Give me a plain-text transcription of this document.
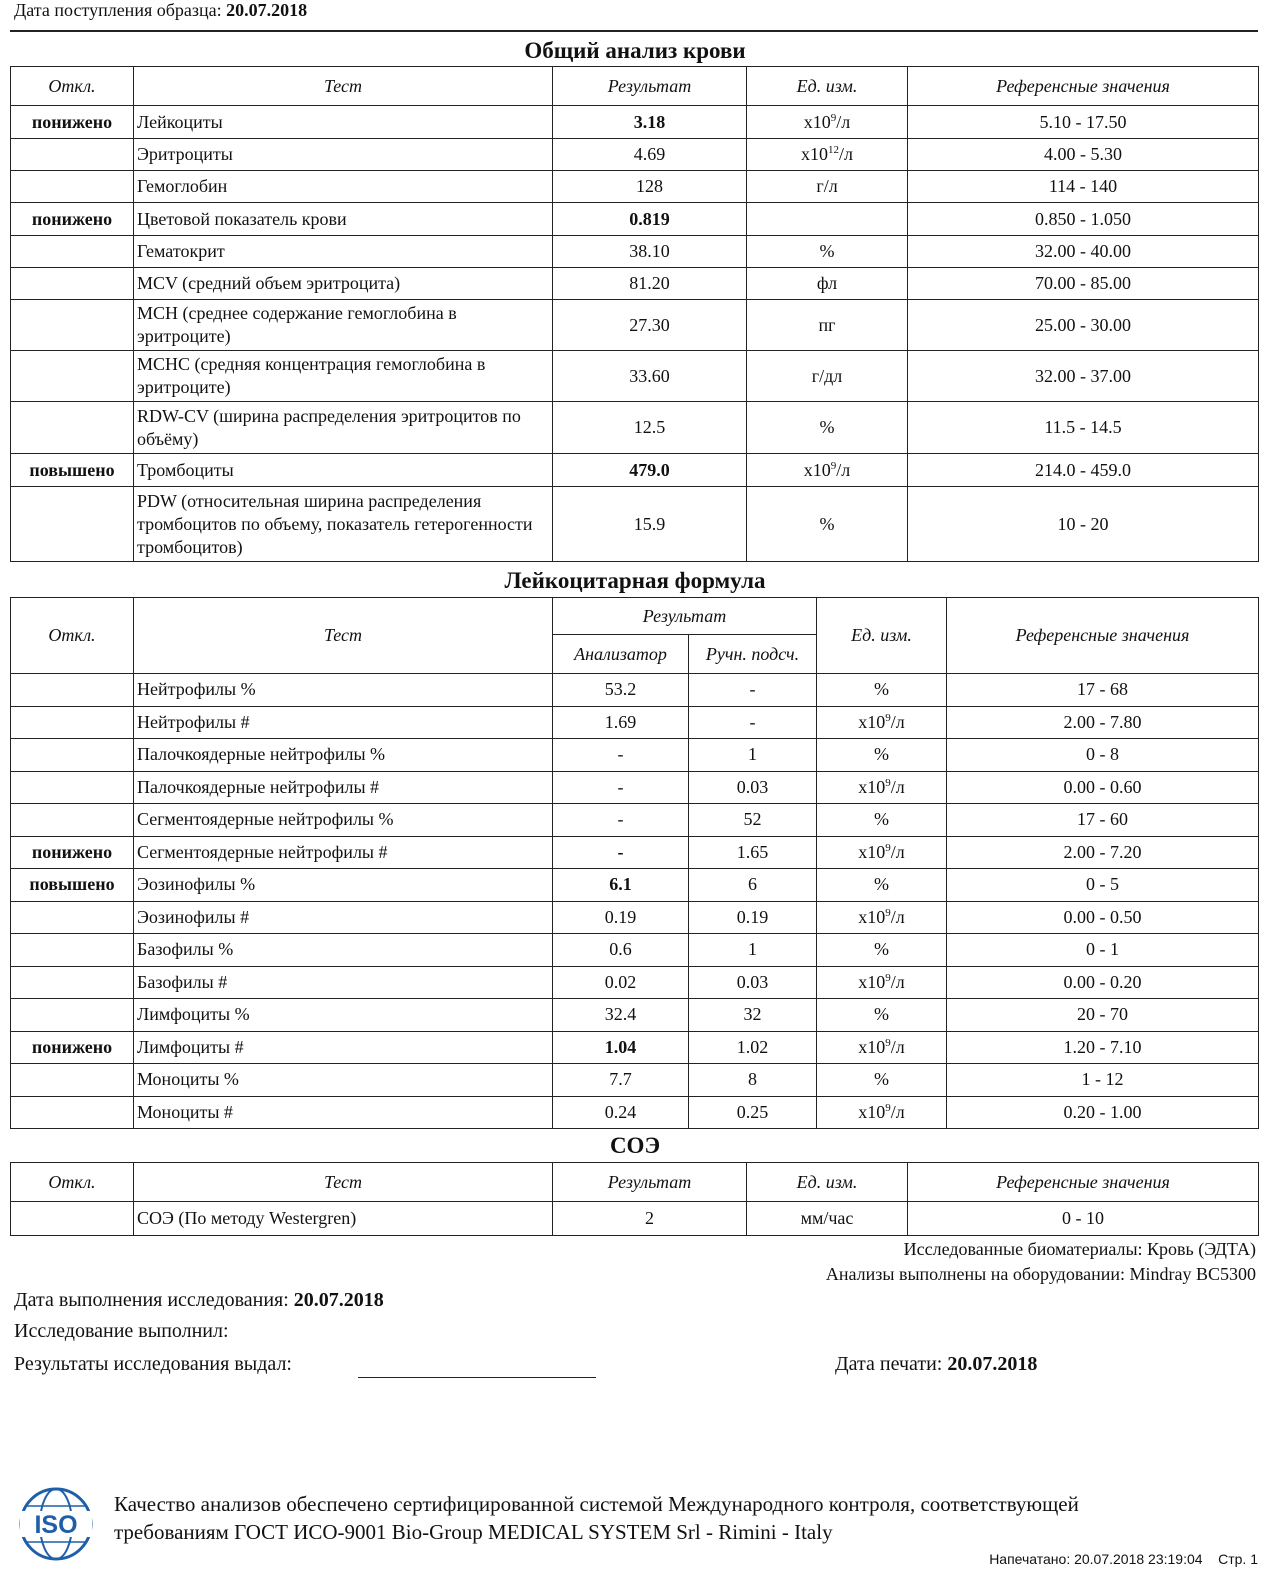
Дата поступления образца: 20.07.2018
Общий анализ крови
Откл.	Тест	Результат	Ед. изм.	Референсные значения
понижено	Лейкоциты	3.18	$х10^9/л$	5.10 - 17.50
	Эритроциты	4.69	$х10^{12}/л$	4.00 - 5.30
	Гемоглобин	128	г/л	114 - 140
понижено	Цветовой показатель крови	0.819		0.850 - 1.050
	Гематокрит	38.10	%	32.00 - 40.00
	MCV (средний объем эритроцита)	81.20	фл	70.00 - 85.00
	MCH (среднее содержание гемоглобина в эритроците)	27.30	пг	25.00 - 30.00
	MCHC (средняя концентрация гемоглобина в эритроците)	33.60	г/дл	32.00 - 37.00
	RDW-CV (ширина распределения эритроцитов по объёму)	12.5	%	11.5 - 14.5
повышено	Тромбоциты	479.0	$х10^9/л$	214.0 - 459.0
	PDW (относительная ширина распределения тромбоцитов по объему, показатель гетерогенности тромбоцитов)	15.9	%	10 - 20
Лейкоцитарная формула
Откл.	Тест	Результат		Ед. изм.	Референсные значения
		Анализатор	Ручн. подсч.		
	Нейтрофилы %	53.2	-	%	17 - 68
	Нейтрофилы #	1.69	-	$х10^9/л$	2.00 - 7.80
	Палочкоядерные нейтрофилы %	-	1	%	0 - 8
	Палочкоядерные нейтрофилы #	-	0.03	$х10^9/л$	0.00 - 0.60
	Сегментоядерные нейтрофилы %	-	52	%	17 - 60
понижено	Сегментоядерные нейтрофилы #	-	1.65	$х10^9/л$	2.00 - 7.20
повышено	Эозинофилы %	6.1	6	%	0 - 5
	Эозинофилы #	0.19	0.19	$х10^9/л$	0.00 - 0.50
	Базофилы %	0.6	1	%	0 - 1
	Базофилы #	0.02	0.03	$х10^9/л$	0.00 - 0.20
	Лимфоциты %	32.4	32	%	20 - 70
понижено	Лимфоциты #	1.04	1.02	$х10^9/л$	1.20 - 7.10
	Моноциты %	7.7	8	%	1 - 12
	Моноциты #	0.24	0.25	$х10^9/л$	0.20 - 1.00
СОЭ
Откл.	Тест	Результат	Ед. изм.	Референсные значения
	СОЭ (По методу Westergren)	2	мм/час	0 - 10
Исследованные биоматериалы: Кровь (ЭДТА)
Анализы выполнены на оборудовании: Mindray BC5300
Дата выполнения исследования: 20.07.2018
Исследование выполнил:
Результаты исследования выдал:	Дата печати: 20.07.2018
ISO
Качество анализов обеспечено сертифицированной системой Международного контроля, соответствующей
требованиям ГОСТ ИСО-9001 Bio-Group MEDICAL SYSTEM Srl - Rimini - Italy
Напечатано: 20.07.2018 23:19:04 Стр. 1
